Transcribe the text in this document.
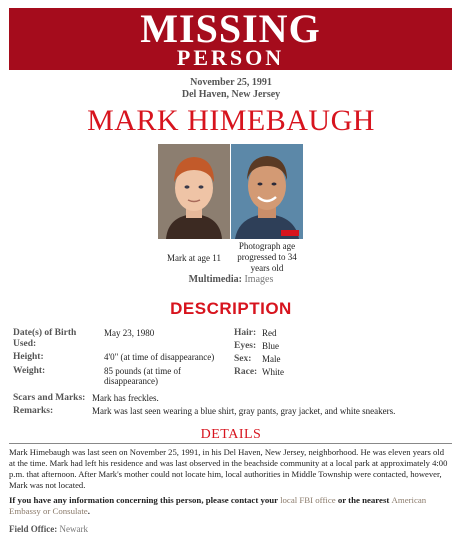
MISSING
PERSON
November 25, 1991
Del Haven, New Jersey
MARK HIMEBAUGH
Mark at age 11
Photograph age progressed to 34 years old
Multimedia: Images
DESCRIPTION
Date(s) of Birth Used:
May 23, 1980
Height:	4'0" (at time of disappearance)
Weight:	85 pounds (at time of disappearance)
Hair: Red
Eyes: Blue
Sex: Male
Race: White
Scars and Marks: Mark has freckles.
Remarks:	Mark was last seen wearing a blue shirt, gray pants, gray jacket, and white sneakers.
DETAILS
Mark Himebaugh was last seen on November 25, 1991, in his Del Haven, New Jersey, neighborhood. He was eleven years old at the time. Mark had left his residence and was last observed in the beachside community at a local park at approximately 4:00 p.m. that afternoon. After Mark's mother could not locate him, local authorities in Middle Township were contacted, however, Mark was not located.
If you have any information concerning this person, please contact your local FBI office or the nearest American Embassy or Consulate.
Field Office: Newark
